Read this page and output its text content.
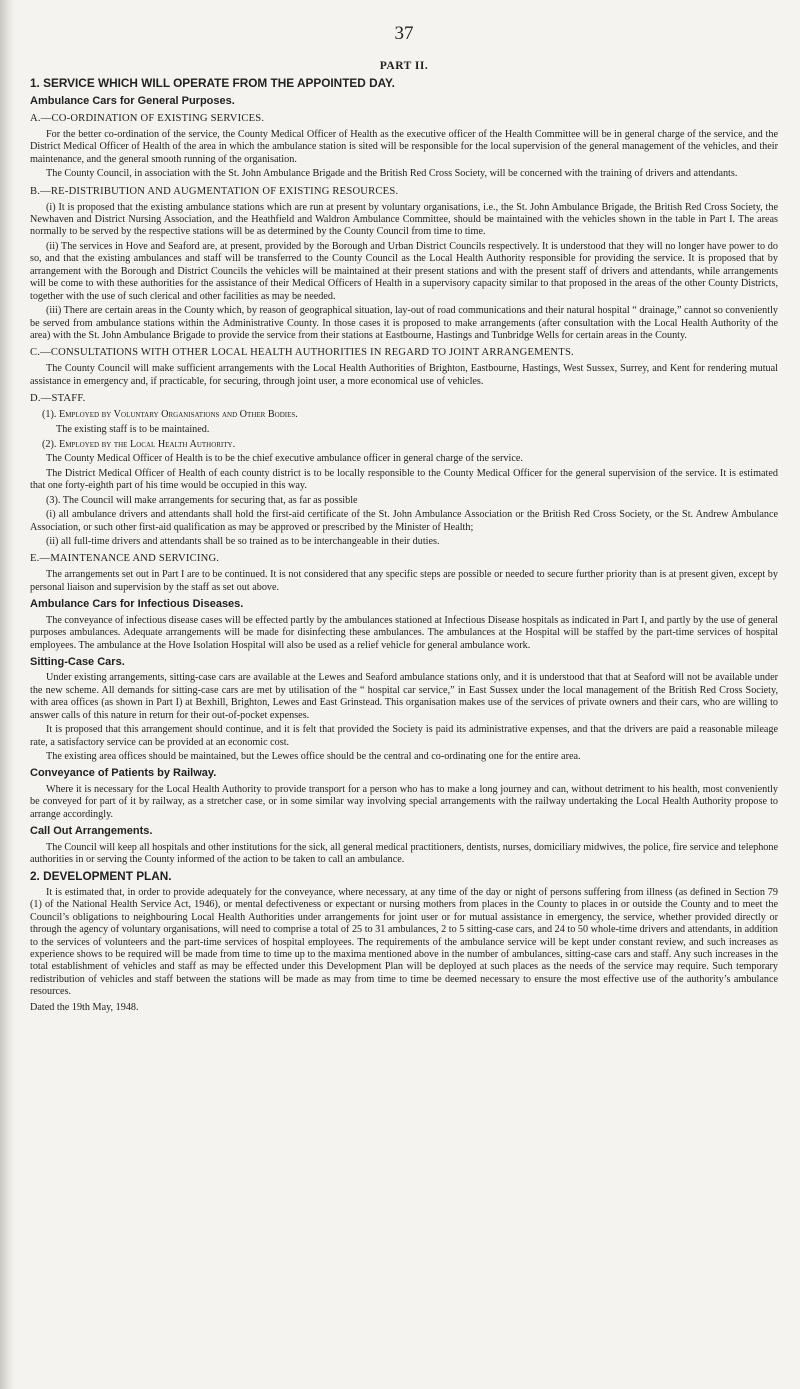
37
PART II.
1. SERVICE WHICH WILL OPERATE FROM THE APPOINTED DAY.
Ambulance Cars for General Purposes.
A.—CO-ORDINATION OF EXISTING SERVICES.

For the better co-ordination of the service, the County Medical Officer of Health as the executive officer of the Health Committee will be in general charge of the service, and the District Medical Officer of Health of the area in which the ambulance station is sited will be responsible for the local supervision of the general management of the vehicles, and their maintenance, and the general smooth running of the organisation.

The County Council, in association with the St. John Ambulance Brigade and the British Red Cross Society, will be concerned with the training of drivers and attendants.

B.—RE-DISTRIBUTION AND AUGMENTATION OF EXISTING RESOURCES.

(i) It is proposed that the existing ambulance stations which are run at present by voluntary organisations, i.e., the St. John Ambulance Brigade, the British Red Cross Society, the Newhaven and District Nursing Association, and the Heathfield and Waldron Ambulance Committee, should be maintained with the vehicles shown in the table in Part I. The areas normally to be served by the respective stations will be as determined by the County Council from time to time.

(ii) The services in Hove and Seaford are, at present, provided by the Borough and Urban District Councils respectively. It is understood that they will no longer have power to do so, and that the existing ambulances and staff will be transferred to the County Council as the Local Health Authority responsible for providing the service. It is proposed that by arrangement with the Borough and District Councils the vehicles will be maintained at their present stations and with the present staff of drivers and attendants, while arrangements will be come to with these authorities for the assistance of their Medical Officers of Health in a supervisory capacity similar to that proposed in the areas of the other County Districts, together with the use of such clerical and other facilities as may be needed.

(iii) There are certain areas in the County which, by reason of geographical situation, lay-out of road communications and their natural hospital “ drainage,” cannot so conveniently be served from ambulance stations within the Administrative County. In those cases it is proposed to make arrangements (after consultation with the Local Health Authority of the area) with the St. John Ambulance Brigade to provide the service from their stations at Eastbourne, Hastings and Tunbridge Wells for certain areas in the County.

C.—CONSULTATIONS WITH OTHER LOCAL HEALTH AUTHORITIES IN REGARD TO JOINT ARRANGEMENTS.

The County Council will make sufficient arrangements with the Local Health Authorities of Brighton, Eastbourne, Hastings, West Sussex, Surrey, and Kent for rendering mutual assistance in emergency and, if practicable, for securing, through joint user, a more economical use of vehicles.

D.—STAFF.
(1). Employed by Voluntary Organisations and Other Bodies.

The existing staff is to be maintained.

(2). Employed by the Local Health Authority.

The County Medical Officer of Health is to be the chief executive ambulance officer in general charge of the service.

The District Medical Officer of Health of each county district is to be locally responsible to the County Medical Officer for the general supervision of the service. It is estimated that one forty-eighth part of his time would be occupied in this way.

(3). The Council will make arrangements for securing that, as far as possible

(i) all ambulance drivers and attendants shall hold the first-aid certificate of the St. John Ambulance Association or the British Red Cross Society, or the St. Andrew Ambulance Association, or such other first-aid qualification as may be approved or prescribed by the Minister of Health;

(ii) all full-time drivers and attendants shall be so trained as to be interchangeable in their duties.

E.—MAINTENANCE AND SERVICING.

The arrangements set out in Part I are to be continued. It is not considered that any specific steps are possible or needed to secure further priority than is at present given, except by personal liaison and supervision by the staff as set out above.

Ambulance Cars for Infectious Diseases.

The conveyance of infectious disease cases will be effected partly by the ambulances stationed at Infectious Disease hospitals as indicated in Part I, and partly by the use of general purposes ambulances. Adequate arrangements will be made for disinfecting these ambulances. The ambulances at the Hospital will be staffed by the part-time services of hospital employees. The ambulance at the Hove Isolation Hospital will also be used as a relief vehicle for general ambulance work.

Sitting-Case Cars.

Under existing arrangements, sitting-case cars are available at the Lewes and Seaford ambulance stations only, and it is understood that that at Seaford will not be available under the new scheme. All demands for sitting-case cars are met by utilisation of the “ hospital car service,” in East Sussex under the local management of the British Red Cross Society, with area offices (as shown in Part I) at Bexhill, Brighton, Lewes and East Grinstead. This organisation makes use of the services of private owners and their cars, who are willing to answer calls of this nature in return for their out-of-pocket expenses.

It is proposed that this arrangement should continue, and it is felt that provided the Society is paid its administrative expenses, and that the drivers are paid a reasonable mileage rate, a satisfactory service can be provided at an economic cost.

The existing area offices should be maintained, but the Lewes office should be the central and co-ordinating one for the entire area.

Conveyance of Patients by Railway.

Where it is necessary for the Local Health Authority to provide transport for a person who has to make a long journey and can, without detriment to his health, most conveniently be conveyed for part of it by railway, as a stretcher case, or in some similar way involving special arrangements with the railway undertaking the Local Health Authority propose to arrange accordingly.

Call Out Arrangements.

The Council will keep all hospitals and other institutions for the sick, all general medical practitioners, dentists, nurses, domiciliary midwives, the police, fire service and telephone authorities in or serving the County informed of the action to be taken to call an ambulance.

2. DEVELOPMENT PLAN.

It is estimated that, in order to provide adequately for the conveyance, where necessary, at any time of the day or night of persons suffering from illness (as defined in Section 79 (1) of the National Health Service Act, 1946), or mental defectiveness or expectant or nursing mothers from places in the County to places in or outside the County and to meet the Council’s obligations to neighbouring Local Health Authorities under arrangements for joint user or for mutual assistance in emergency, the service, whether provided directly or through the agency of voluntary organisations, will need to comprise a total of 25 to 31 ambulances, 2 to 5 sitting-case cars, and 24 to 50 whole-time drivers and attendants, in addition to the services of volunteers and the part-time services of hospital employees. The requirements of the ambulance service will be kept under constant review, and such increases as experience shows to be required will be made from time to time up to the maxima mentioned above in the number of ambulances, sitting-case cars and staff. Any such increases in the total establishment of vehicles and staff as may be effected under this Development Plan will be deployed at such places as the needs of the service may require. Such temporary redistribution of vehicles and staff between the stations will be made as may from time to time be deemed necessary to ensure the most effective use of the authority’s ambulance resources.

Dated the 19th May, 1948.
